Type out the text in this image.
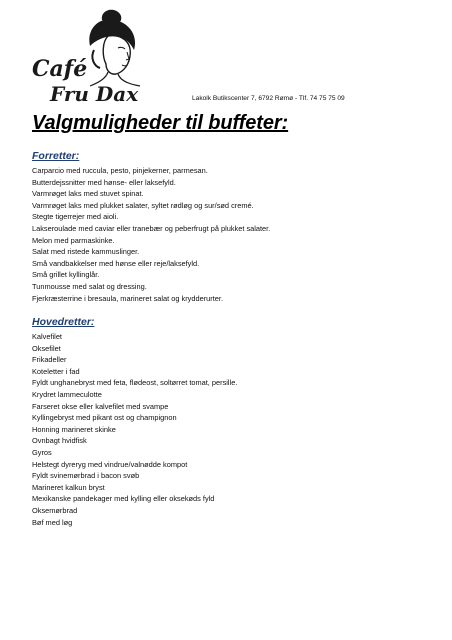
Café
Fru Dax	Lakolk Butikscenter 7, 6792 Rømø - Tlf. 74 75 75 09
Valgmuligheder til buffeter:
Forretter:
Carparcio med ruccula, pesto, pinjekerner, parmesan.
Butterdejssnitter med hønse- eller laksefyld.
Varmrøget laks med stuvet spinat.
Varmrøget laks med plukket salater, syltet rødløg og sur/sød cremé.
Stegte tigerrejer med aioli.
Lakseroulade med caviar eller tranebær og peberfrugt på plukket salater.
Melon med parmaskinke.
Salat med ristede kammuslinger.
Små vandbakkelser med hønse eller reje/laksefyld.
Små grillet kyllinglår.
Tunmousse med salat og dressing.
Fjerkræsterrine i bresaula, marineret salat og krydderurter.
Hovedretter:
Kalvefilet
Oksefilet
Frikadeller
Koteletter i fad
Fyldt unghanebryst med feta, flødeost, soltørret tomat, persille.
Krydret lammeculotte
Farseret okse eller kalvefilet med svampe
Kyllingebryst med pikant ost og champignon
Honning marineret skinke
Ovnbagt hvidfisk
Gyros
Helstegt dyreryg med vindrue/valnødde kompot
Fyldt svinemørbrad i bacon svøb
Marineret kalkun bryst
Mexikanske pandekager med kylling eller oksekøds fyld
Oksemørbrad
Bøf med løg
